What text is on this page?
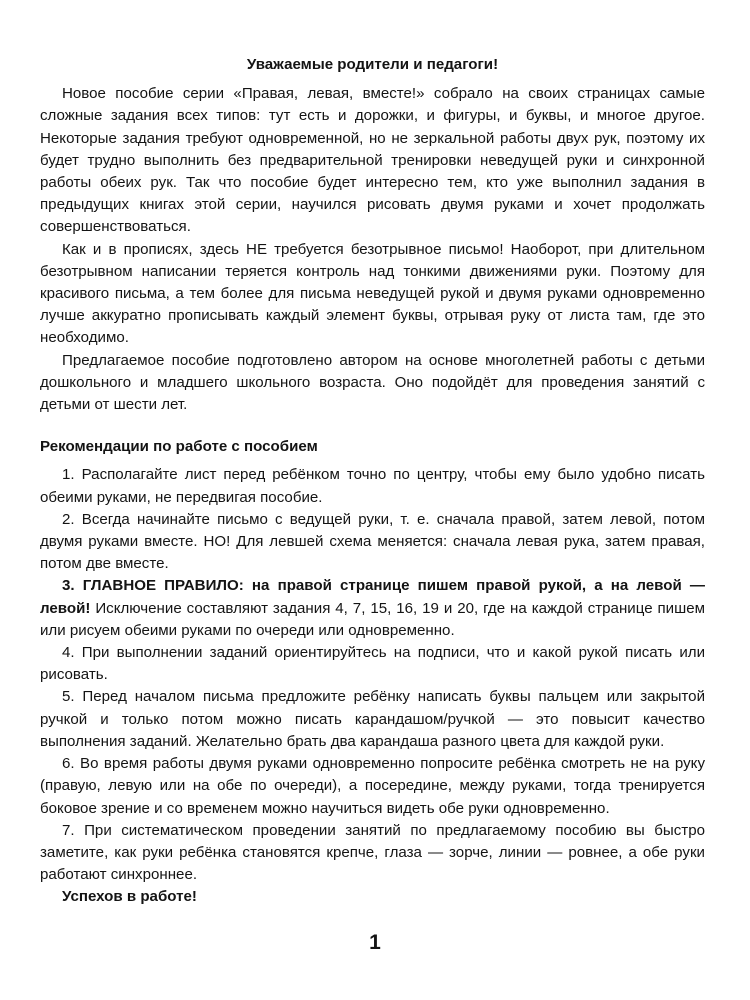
Уважаемые родители и педагоги!

Новое пособие серии «Правая, левая, вместе!» собрало на своих страницах самые сложные задания всех типов: тут есть и дорожки, и фигуры, и буквы, и многое другое. Некоторые задания требуют одновременной, но не зеркальной работы двух рук, поэтому их будет трудно выполнить без предварительной тренировки неведущей руки и синхронной работы обеих рук. Так что пособие будет интересно тем, кто уже выполнил задания в предыдущих книгах этой серии, научился рисовать двумя руками и хочет продолжать совершенствоваться.

Как и в прописях, здесь НЕ требуется безотрывное письмо! Наоборот, при длительном безотрывном написании теряется контроль над тонкими движениями руки. Поэтому для красивого письма, а тем более для письма неведущей рукой и двумя руками одновременно лучше аккуратно прописывать каждый элемент буквы, отрывая руку от листа там, где это необходимо.

Предлагаемое пособие подготовлено автором на основе многолетней работы с детьми дошкольного и младшего школьного возраста. Оно подойдёт для проведения занятий с детьми от шести лет.

Рекомендации по работе с пособием

1. Располагайте лист перед ребёнком точно по центру, чтобы ему было удобно писать обеими руками, не передвигая пособие.

2. Всегда начинайте письмо с ведущей руки, т. е. сначала правой, затем левой, потом двумя руками вместе. НО! Для левшей схема меняется: сначала левая рука, затем правая, потом две вместе.

3. ГЛАВНОЕ ПРАВИЛО: на правой странице пишем правой рукой, а на левой — левой! Исключение составляют задания 4, 7, 15, 16, 19 и 20, где на каждой странице пишем или рисуем обеими руками по очереди или одновременно.

4. При выполнении заданий ориентируйтесь на подписи, что и какой рукой писать или рисовать.

5. Перед началом письма предложите ребёнку написать буквы пальцем или закрытой ручкой и только потом можно писать карандашом/ручкой — это повысит качество выполнения заданий. Желательно брать два карандаша разного цвета для каждой руки.

6. Во время работы двумя руками одновременно попросите ребёнка смотреть не на руку (правую, левую или на обе по очереди), а посередине, между руками, тогда тренируется боковое зрение и со временем можно научиться видеть обе руки одновременно.

7. При систематическом проведении занятий по предлагаемому пособию вы быстро заметите, как руки ребёнка становятся крепче, глаза — зорче, линии — ровнее, а обе руки работают синхроннее.

Успехов в работе!

1
